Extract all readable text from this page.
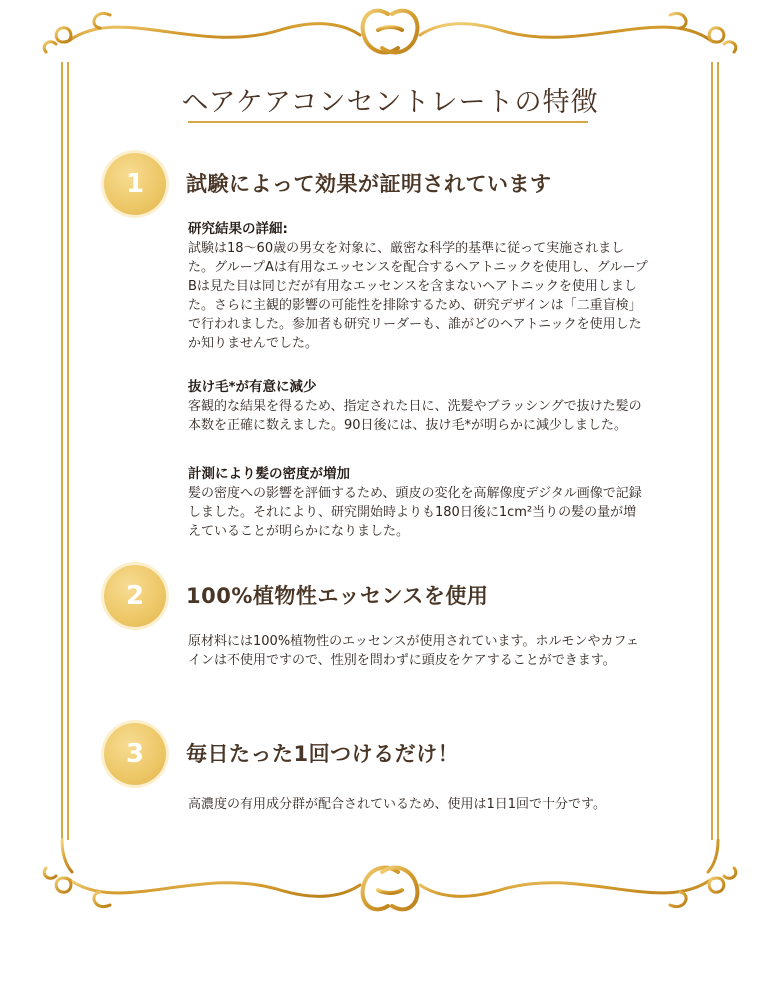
ヘアケアコンセントレートの特徴
1	試験によって効果が証明されています
研究結果の詳細:
試験は18～60歳の男女を対象に、厳密な科学的基準に従って実施されました。グループAは有用なエッセンスを配合するヘアトニックを使用し、グループBは見た目は同じだが有用なエッセンスを含まないヘアトニックを使用しました。さらに主観的影響の可能性を排除するため、研究デザインは「二重盲検」で行われました。参加者も研究リーダーも、誰がどのヘアトニックを使用したか知りませんでした。
抜け毛*が有意に減少
客観的な結果を得るため、指定された日に、洗髪やブラッシングで抜けた髪の本数を正確に数えました。90日後には、抜け毛*が明らかに減少しました。
計測により髪の密度が増加
髪の密度への影響を評価するため、頭皮の変化を高解像度デジタル画像で記録しました。それにより、研究開始時よりも180日後に1cm²当りの髪の量が増えていることが明らかになりました。
2	100%植物性エッセンスを使用
原材料には100%植物性のエッセンスが使用されています。ホルモンやカフェインは不使用ですので、性別を問わずに頭皮をケアすることができます。
3	毎日たった1回つけるだけ！
高濃度の有用成分群が配合されているため、使用は1日1回で十分です。
